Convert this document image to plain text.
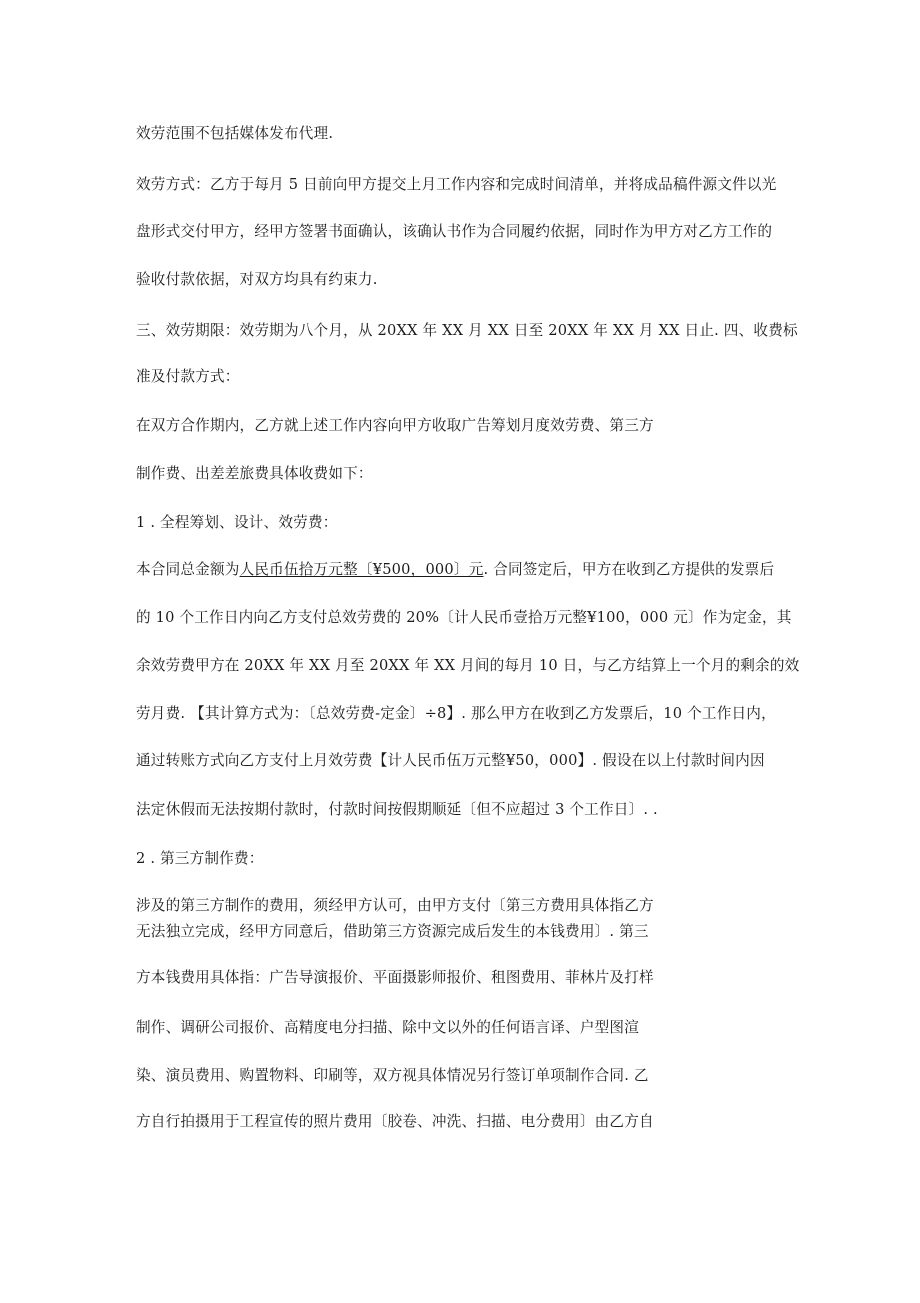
效劳范围不包括媒体发布代理.
效劳方式：乙方于每月 5 日前向甲方提交上月工作内容和完成时间清单，并将成品稿件源文件以光
盘形式交付甲方，经甲方签署书面确认，该确认书作为合同履约依据，同时作为甲方对乙方工作的
验收付款依据，对双方均具有约束力.
三、效劳期限：效劳期为八个月，从 20XX 年 XX 月 XX 日至 20XX 年 XX 月 XX 日止. 四、收费标
准及付款方式：
在双方合作期内，乙方就上述工作内容向甲方收取广告筹划月度效劳费、第三方
制作费、出差差旅费具体收费如下：
1 . 全程筹划、设计、效劳费：
本合同总金额为人民币伍拾万元整〔¥500，000〕元. 合同签定后，甲方在收到乙方提供的发票后
的 10 个工作日内向乙方支付总效劳费的 20%〔计人民币壹拾万元整¥100，000 元〕作为定金，其
余效劳费甲方在 20XX 年 XX 月至 20XX 年 XX 月间的每月 10 日，与乙方结算上一个月的剩余的效
劳月费. 【其计算方式为：〔总效劳费-定金〕÷8】. 那么甲方在收到乙方发票后，10 个工作日内，
通过转账方式向乙方支付上月效劳费【计人民币伍万元整¥50，000】. 假设在以上付款时间内因
法定休假而无法按期付款时，付款时间按假期顺延〔但不应超过 3 个工作日〕. .
2 . 第三方制作费：
涉及的第三方制作的费用，须经甲方认可，由甲方支付〔第三方费用具体指乙方
无法独立完成，经甲方同意后，借助第三方资源完成后发生的本钱费用〕. 第三
方本钱费用具体指：广告导演报价、平面摄影师报价、租图费用、菲林片及打样
制作、调研公司报价、高精度电分扫描、除中文以外的任何语言译、户型图渲
染、演员费用、购置物料、印刷等，双方视具体情况另行签订单项制作合同. 乙
方自行拍摄用于工程宣传的照片费用〔胶卷、冲洗、扫描、电分费用〕由乙方自
